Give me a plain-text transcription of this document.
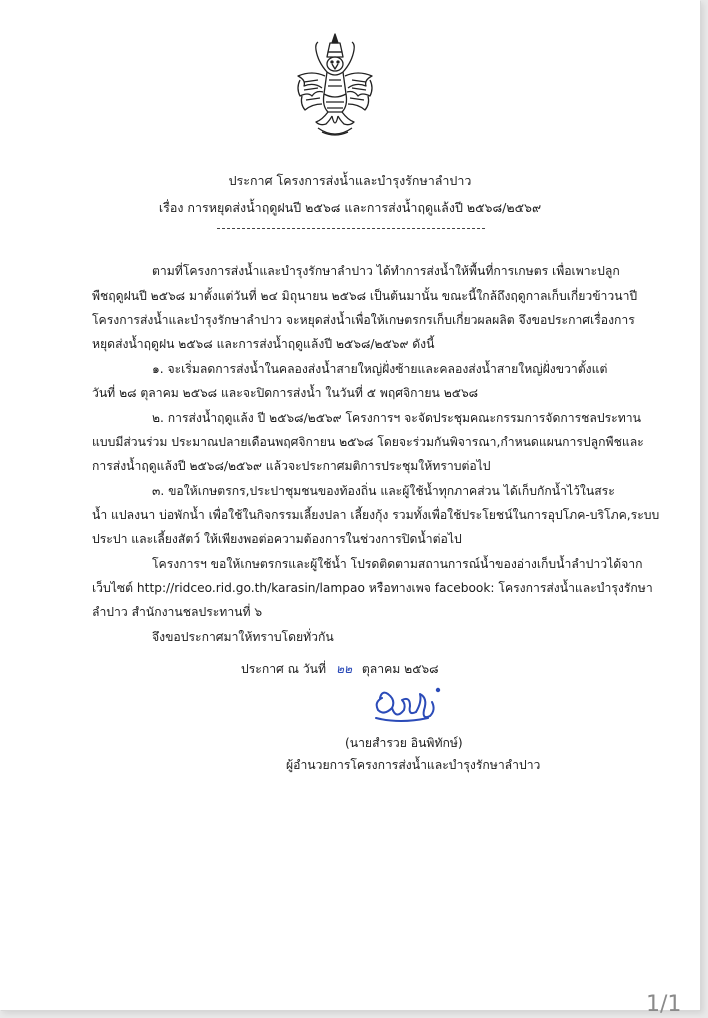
ประกาศ โครงการส่งน้ำและบำรุงรักษาลำปาว
เรื่อง การหยุดส่งน้ำฤดูฝนปี ๒๕๖๘ และการส่งน้ำฤดูแล้งปี ๒๕๖๘/๒๕๖๙
ตามที่โครงการส่งน้ำและบำรุงรักษาลำปาว ได้ทำการส่งน้ำให้พื้นที่การเกษตร เพื่อเพาะปลูก
พืชฤดูฝนปี ๒๕๖๘ มาตั้งแต่วันที่ ๒๔ มิถุนายน ๒๕๖๘ เป็นต้นมานั้น ขณะนี้ใกล้ถึงฤดูกาลเก็บเกี่ยวข้าวนาปี
โครงการส่งน้ำและบำรุงรักษาลำปาว จะหยุดส่งน้ำเพื่อให้เกษตรกรเก็บเกี่ยวผลผลิต จึงขอประกาศเรื่องการ
หยุดส่งน้ำฤดูฝน ๒๕๖๘ และการส่งน้ำฤดูแล้งปี ๒๕๖๘/๒๕๖๙ ดังนี้
๑. จะเริ่มลดการส่งน้ำในคลองส่งน้ำสายใหญ่ฝั่งซ้ายและคลองส่งน้ำสายใหญ่ฝั่งขวาตั้งแต่
วันที่ ๒๘ ตุลาคม ๒๕๖๘ และจะปิดการส่งน้ำ ในวันที่ ๕ พฤศจิกายน ๒๕๖๘
๒. การส่งน้ำฤดูแล้ง ปี ๒๕๖๘/๒๕๖๙ โครงการฯ จะจัดประชุมคณะกรรมการจัดการชลประทาน
แบบมีส่วนร่วม ประมาณปลายเดือนพฤศจิกายน ๒๕๖๘ โดยจะร่วมกันพิจารณา,กำหนดแผนการปลูกพืชและ
การส่งน้ำฤดูแล้งปี ๒๕๖๘/๒๕๖๙ แล้วจะประกาศมติการประชุมให้ทราบต่อไป
๓. ขอให้เกษตรกร,ประปาชุมชนของท้องถิ่น และผู้ใช้น้ำทุกภาคส่วน ได้เก็บกักน้ำไว้ในสระ
น้ำ แปลงนา บ่อพักน้ำ เพื่อใช้ในกิจกรรมเลี้ยงปลา เลี้ยงกุ้ง รวมทั้งเพื่อใช้ประโยชน์ในการอุปโภค-บริโภค,ระบบ
ประปา และเลี้ยงสัตว์ ให้เพียงพอต่อความต้องการในช่วงการปิดน้ำต่อไป
โครงการฯ ขอให้เกษตรกรและผู้ใช้น้ำ โปรดติดตามสถานการณ์น้ำของอ่างเก็บน้ำลำปาวได้จาก
เว็บไซต์ http://ridceo.rid.go.th/karasin/lampao หรือทางเพจ facebook: โครงการส่งน้ำและบำรุงรักษา
ลำปาว สำนักงานชลประทานที่ ๖
จึงขอประกาศมาให้ทราบโดยทั่วกัน
ประกาศ ณ วันที่ ๒๒ ตุลาคม ๒๕๖๘
(นายสำรวย อินพิทักษ์)
ผู้อำนวยการโครงการส่งน้ำและบำรุงรักษาลำปาว
1/1
